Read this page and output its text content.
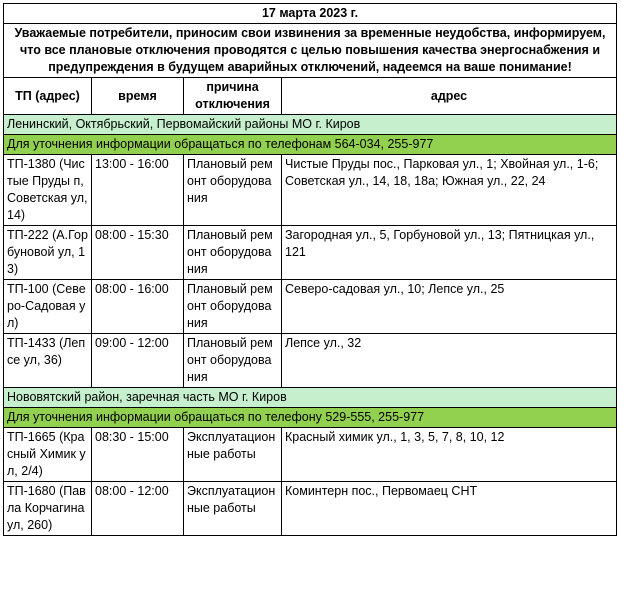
17 марта 2023 г.			
Уважаемые потребители, приносим свои извинения за временные неудобства, информируем, что все плановые отключения проводятся с целью повышения качества энергоснабжения и предупреждения в будущем аварийных отключений, надеемся на ваше понимание!			
ТП (адрес)	время	причина отключения	адрес
Ленинский, Октябрьский, Первомайский районы МО г. Киров			
Для уточнения информации обращаться по телефонам 564-034, 255-977			
ТП-1380 (Чистые Пруды п, Советская ул, 14)	13:00 - 16:00	Плановый ремонт оборудования	Чистые Пруды пос., Парковая ул., 1; Хвойная ул., 1-6; Советская ул., 14, 18, 18а; Южная ул., 22, 24
ТП-222 (А.Горбуновой ул, 13)	08:00 - 15:30	Плановый ремонт оборудования	Загородная ул., 5, Горбуновой ул., 13; Пятницкая ул., 121
ТП-100 (Северо-Садовая ул)	08:00 - 16:00	Плановый ремонт оборудования	Северо-садовая ул., 10; Лепсе ул., 25
ТП-1433 (Лепсе ул, 36)	09:00 - 12:00	Плановый ремонт оборудования	Лепсе ул., 32
Нововятский район, заречная часть МО г. Киров			
Для уточнения информации обращаться по телефону 529-555, 255-977			
ТП-1665 (Красный Химик ул, 2/4)	08:30 - 15:00	Эксплуатационные работы	Красный химик ул., 1, 3, 5, 7, 8, 10, 12
ТП-1680 (Павла Корчагина ул, 260)	08:00 - 12:00	Эксплуатационные работы	Коминтерн пос., Первомаец СНТ
